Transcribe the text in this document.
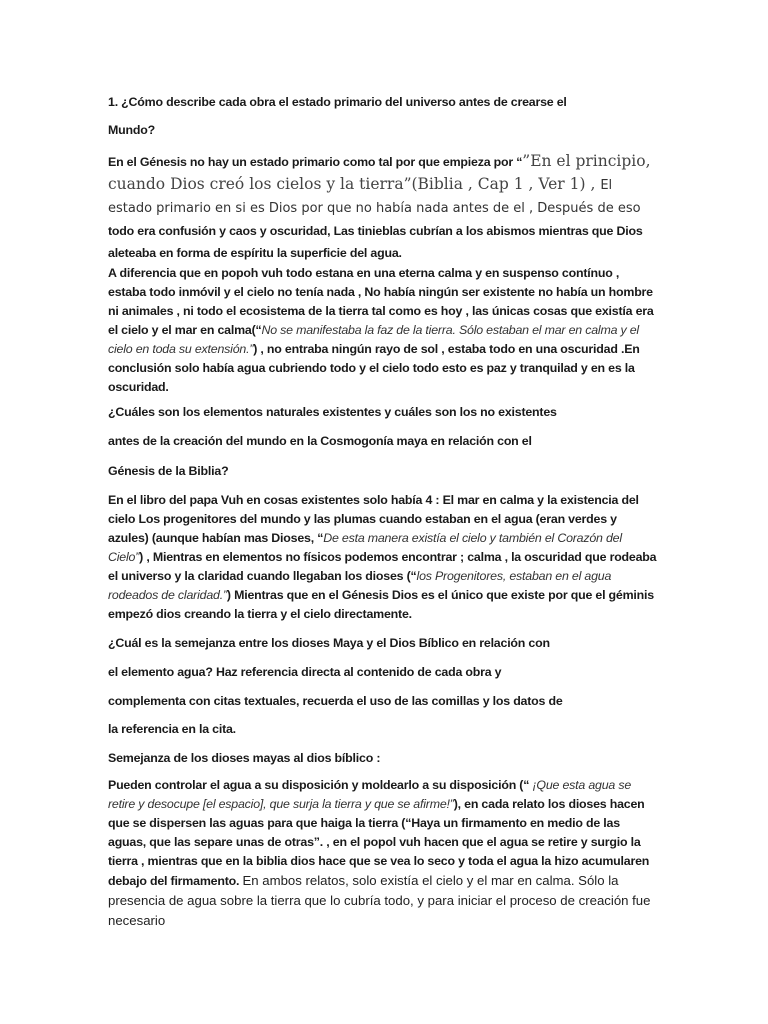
1. ¿Cómo describe cada obra el estado primario del universo antes de crearse el

Mundo?

En el Génesis no hay un estado primario como tal por que empieza por “”En el principio, cuando Dios creó los cielos y la tierra”(Biblia , Cap 1 , Ver 1) , El estado primario en si es Dios por que no había nada antes de el , Después de eso todo era confusión y caos y oscuridad, Las tinieblas cubrían a los abismos mientras que Dios aleteaba en forma de espíritu la superficie del agua.

A diferencia que en popoh vuh todo estana en una eterna calma y en suspenso contínuo , estaba todo inmóvil y el cielo no tenía nada , No había ningún ser existente no había un hombre ni animales , ni todo el ecosistema de la tierra tal como es hoy , las únicas cosas que existía era el cielo y el mar en calma(“No se manifestaba la faz de la tierra. Sólo estaban el mar en calma y el cielo en toda su extensión.”) , no entraba ningún rayo de sol , estaba todo en una oscuridad .En conclusión solo había agua cubriendo todo y el cielo todo esto es paz y tranquilad y en es la oscuridad.

¿Cuáles son los elementos naturales existentes y cuáles son los no existentes

antes de la creación del mundo en la Cosmogonía maya en relación con el

Génesis de la Biblia?

En el libro del papa Vuh en cosas existentes solo había 4 : El mar en calma y la existencia del cielo Los progenitores del mundo y las plumas cuando estaban en el agua (eran verdes y azules) (aunque habían mas Dioses, “De esta manera existía el cielo y también el Corazón del Cielo”) , Mientras en elementos no físicos podemos encontrar ; calma , la oscuridad que rodeaba el universo y la claridad cuando llegaban los dioses (“los Progenitores, estaban en el agua rodeados de claridad.”) Mientras que en el Génesis Dios es el único que existe por que el géminis empezó dios creando la tierra y el cielo directamente.

¿Cuál es la semejanza entre los dioses Maya y el Dios Bíblico en relación con

el elemento agua? Haz referencia directa al contenido de cada obra y

complementa con citas textuales, recuerda el uso de las comillas y los datos de

la referencia en la cita.

Semejanza de los dioses mayas al dios bíblico :

Pueden controlar el agua a su disposición y moldearlo a su disposición (“ ¡Que esta agua se retire y desocupe [el espacio], que surja la tierra y que se afirme!”), en cada relato los dioses hacen que se dispersen las aguas para que haiga la tierra (“Haya un firmamento en medio de las aguas, que las separe unas de otras”. , en el popol vuh hacen que el agua se retire y surgio la tierra , mientras que en la biblia dios hace que se vea lo seco y toda el agua la hizo acumularen debajo del firmamento. En ambos relatos, solo existía el cielo y el mar en calma. Sólo la presencia de agua sobre la tierra que lo cubría todo, y para iniciar el proceso de creación fue necesario
